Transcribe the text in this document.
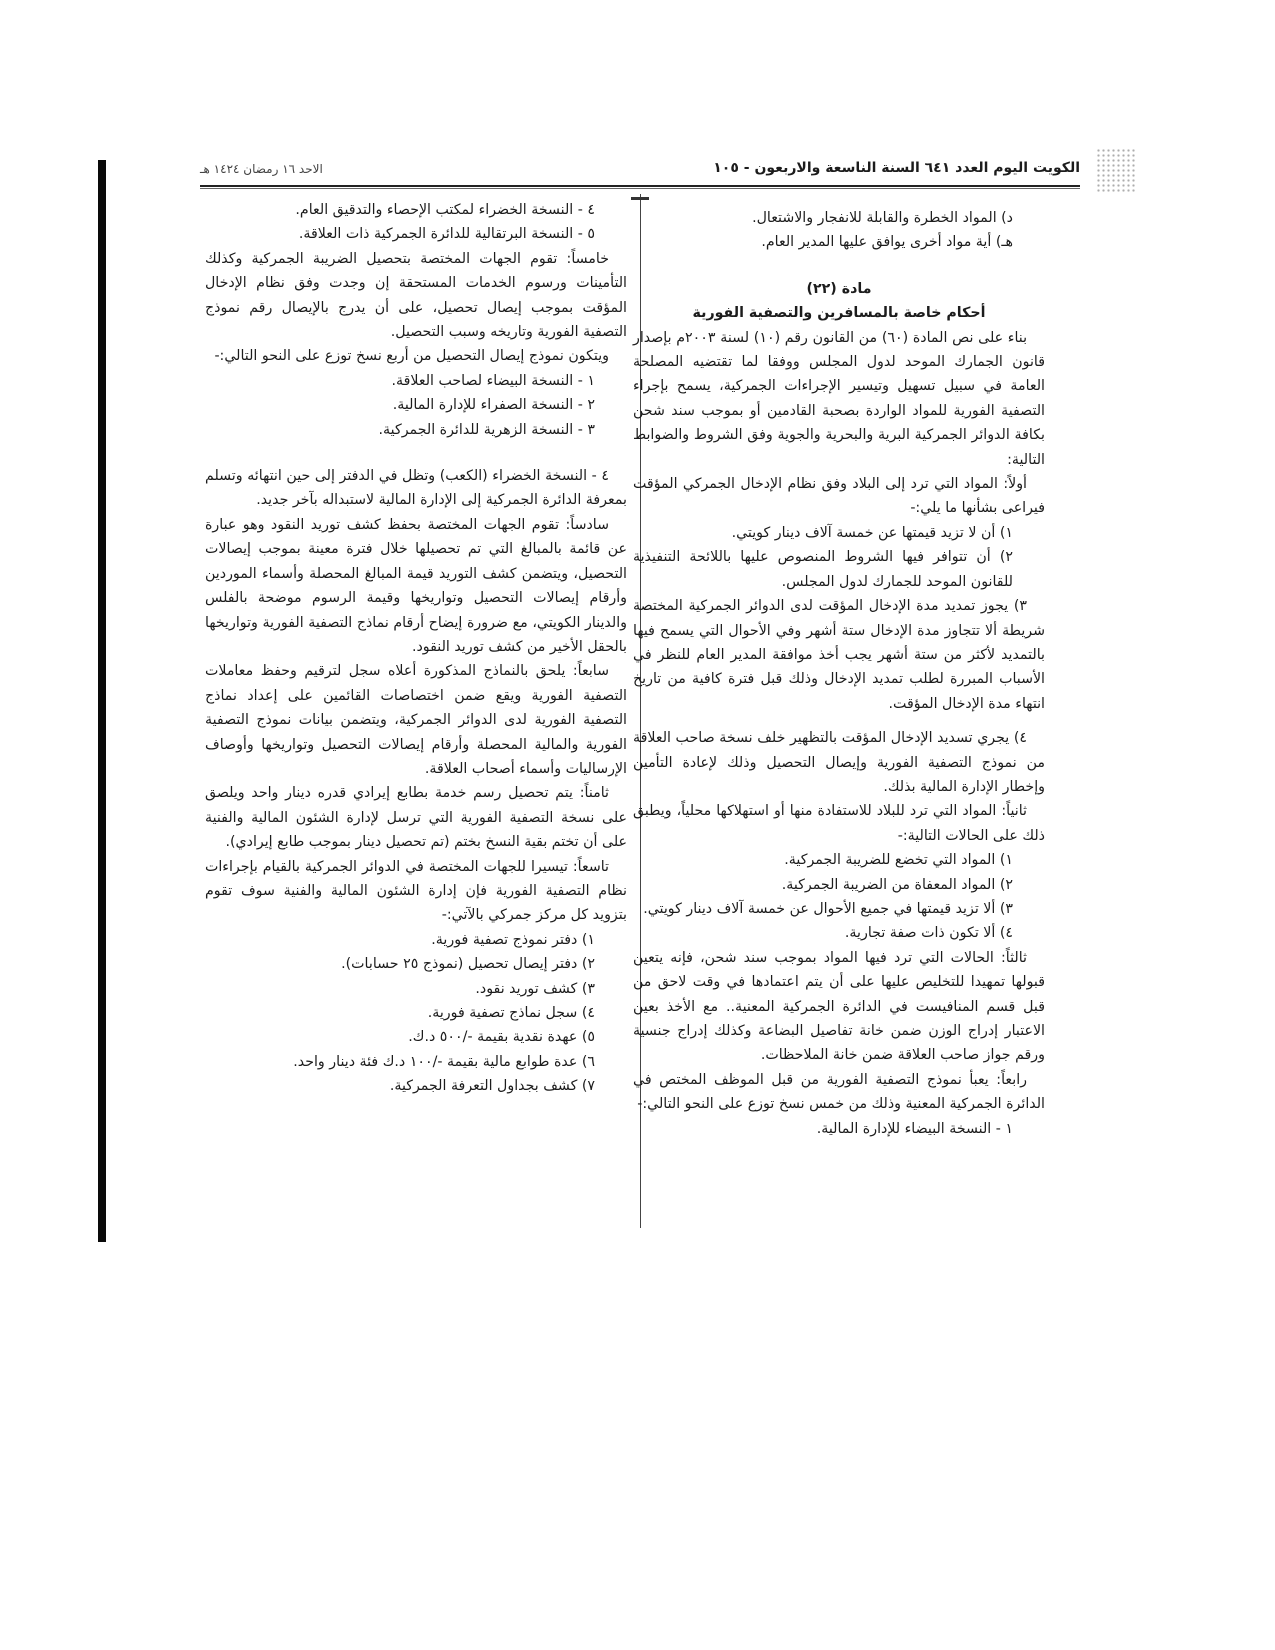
الكويت اليوم العدد ٦٤١ السنة الناسعة والاربعون - ١٠٥
الاحد ١٦ رمضان ١٤٢٤ هـ

د) المواد الخطرة والقابلة للانفجار والاشتعال.

هـ) أية مواد أخرى يوافق عليها المدير العام.

مادة (٢٢)

أحكام خاصة بالمسافرين والتصفية الفورية

بناء على نص المادة (٦٠) من القانون رقم (١٠) لسنة ٢٠٠٣م بإصدار قانون الجمارك الموحد لدول المجلس ووفقا لما تقتضيه المصلحة العامة في سبيل تسهيل وتيسير الإجراءات الجمركية، يسمح بإجراء التصفية الفورية للمواد الواردة بصحبة القادمين أو بموجب سند شحن بكافة الدوائر الجمركية البرية والبحرية والجوية وفق الشروط والضوابط التالية:

أولاً: المواد التي ترد إلى البلاد وفق نظام الإدخال الجمركي المؤقت فيراعى بشأنها ما يلي:-

١) أن لا تزيد قيمتها عن خمسة آلاف دينار كويتي.

٢) أن تتوافر فيها الشروط المنصوص عليها باللائحة التنفيذية للقانون الموحد للجمارك لدول المجلس.

٣) يجوز تمديد مدة الإدخال المؤقت لدى الدوائر الجمركية المختصة شريطة ألا تتجاوز مدة الإدخال ستة أشهر وفي الأحوال التي يسمح فيها بالتمديد لأكثر من ستة أشهر يجب أخذ موافقة المدير العام للنظر في الأسباب المبررة لطلب تمديد الإدخال وذلك قبل فترة كافية من تاريخ انتهاء مدة الإدخال المؤقت.

٤) يجري تسديد الإدخال المؤقت بالتظهير خلف نسخة صاحب العلاقة من نموذج التصفية الفورية وإيصال التحصيل وذلك لإعادة التأمين وإخطار الإدارة المالية بذلك.

ثانياً: المواد التي ترد للبلاد للاستفادة منها أو استهلاكها محلياً، ويطبق ذلك على الحالات التالية:-

١) المواد التي تخضع للضريبة الجمركية.

٢) المواد المعفاة من الضريبة الجمركية.

٣) ألا تزيد قيمتها في جميع الأحوال عن خمسة آلاف دينار كويتي.

٤) ألا تكون ذات صفة تجارية.

ثالثاً: الحالات التي ترد فيها المواد بموجب سند شحن، فإنه يتعين قبولها تمهيدا للتخليص عليها على أن يتم اعتمادها في وقت لاحق من قبل قسم المنافيست في الدائرة الجمركية المعنية.. مع الأخذ بعين الاعتبار إدراج الوزن ضمن خانة تفاصيل البضاعة وكذلك إدراج جنسية ورقم جواز صاحب العلاقة ضمن خانة الملاحظات.

رابعاً: يعبأ نموذج التصفية الفورية من قبل الموظف المختص في الدائرة الجمركية المعنية وذلك من خمس نسخ توزع على النحو التالي:-

١ - النسخة البيضاء للإدارة المالية.

٤ - النسخة الخضراء لمكتب الإحصاء والتدقيق العام.

٥ - النسخة البرتقالية للدائرة الجمركية ذات العلاقة.

خامساً: تقوم الجهات المختصة بتحصيل الضريبة الجمركية وكذلك التأمينات ورسوم الخدمات المستحقة إن وجدت وفق نظام الإدخال المؤقت بموجب إيصال تحصيل، على أن يدرج بالإيصال رقم نموذج التصفية الفورية وتاريخه وسبب التحصيل.

ويتكون نموذج إيصال التحصيل من أربع نسخ توزع على النحو التالي:-

١ - النسخة البيضاء لصاحب العلاقة.

٢ - النسخة الصفراء للإدارة المالية.

٣ - النسخة الزهرية للدائرة الجمركية.

٤ - النسخة الخضراء (الكعب) وتظل في الدفتر إلى حين انتهائه وتسلم بمعرفة الدائرة الجمركية إلى الإدارة المالية لاستبداله بآخر جديد.

سادساً: تقوم الجهات المختصة بحفظ كشف توريد النقود وهو عبارة عن قائمة بالمبالغ التي تم تحصيلها خلال فترة معينة بموجب إيصالات التحصيل، ويتضمن كشف التوريد قيمة المبالغ المحصلة وأسماء الموردين وأرقام إيصالات التحصيل وتواريخها وقيمة الرسوم موضحة بالفلس والدينار الكويتي، مع ضرورة إيضاح أرقام نماذج التصفية الفورية وتواريخها بالحقل الأخير من كشف توريد النقود.

سابعاً: يلحق بالنماذج المذكورة أعلاه سجل لترقيم وحفظ معاملات التصفية الفورية ويقع ضمن اختصاصات القائمين على إعداد نماذج التصفية الفورية لدى الدوائر الجمركية، ويتضمن بيانات نموذج التصفية الفورية والمالية المحصلة وأرقام إيصالات التحصيل وتواريخها وأوصاف الإرساليات وأسماء أصحاب العلاقة.

ثامناً: يتم تحصيل رسم خدمة بطابع إيرادي قدره دينار واحد ويلصق على نسخة التصفية الفورية التي ترسل لإدارة الشئون المالية والفنية على أن تختم بقية النسخ بختم (تم تحصيل دينار بموجب طابع إيرادي).

تاسعاً: تيسيرا للجهات المختصة في الدوائر الجمركية بالقيام بإجراءات نظام التصفية الفورية فإن إدارة الشئون المالية والفنية سوف تقوم بتزويد كل مركز جمركي بالآتي:-

١) دفتر نموذج تصفية فورية.

٢) دفتر إيصال تحصيل (نموذج ٢٥ حسابات).

٣) كشف توريد نقود.

٤) سجل نماذج تصفية فورية.

٥) عهدة نقدية بقيمة -/٥٠٠ د.ك.

٦) عدة طوابع مالية بقيمة -/١٠٠ د.ك فئة دينار واحد.

٧) كشف بجداول التعرفة الجمركية.
